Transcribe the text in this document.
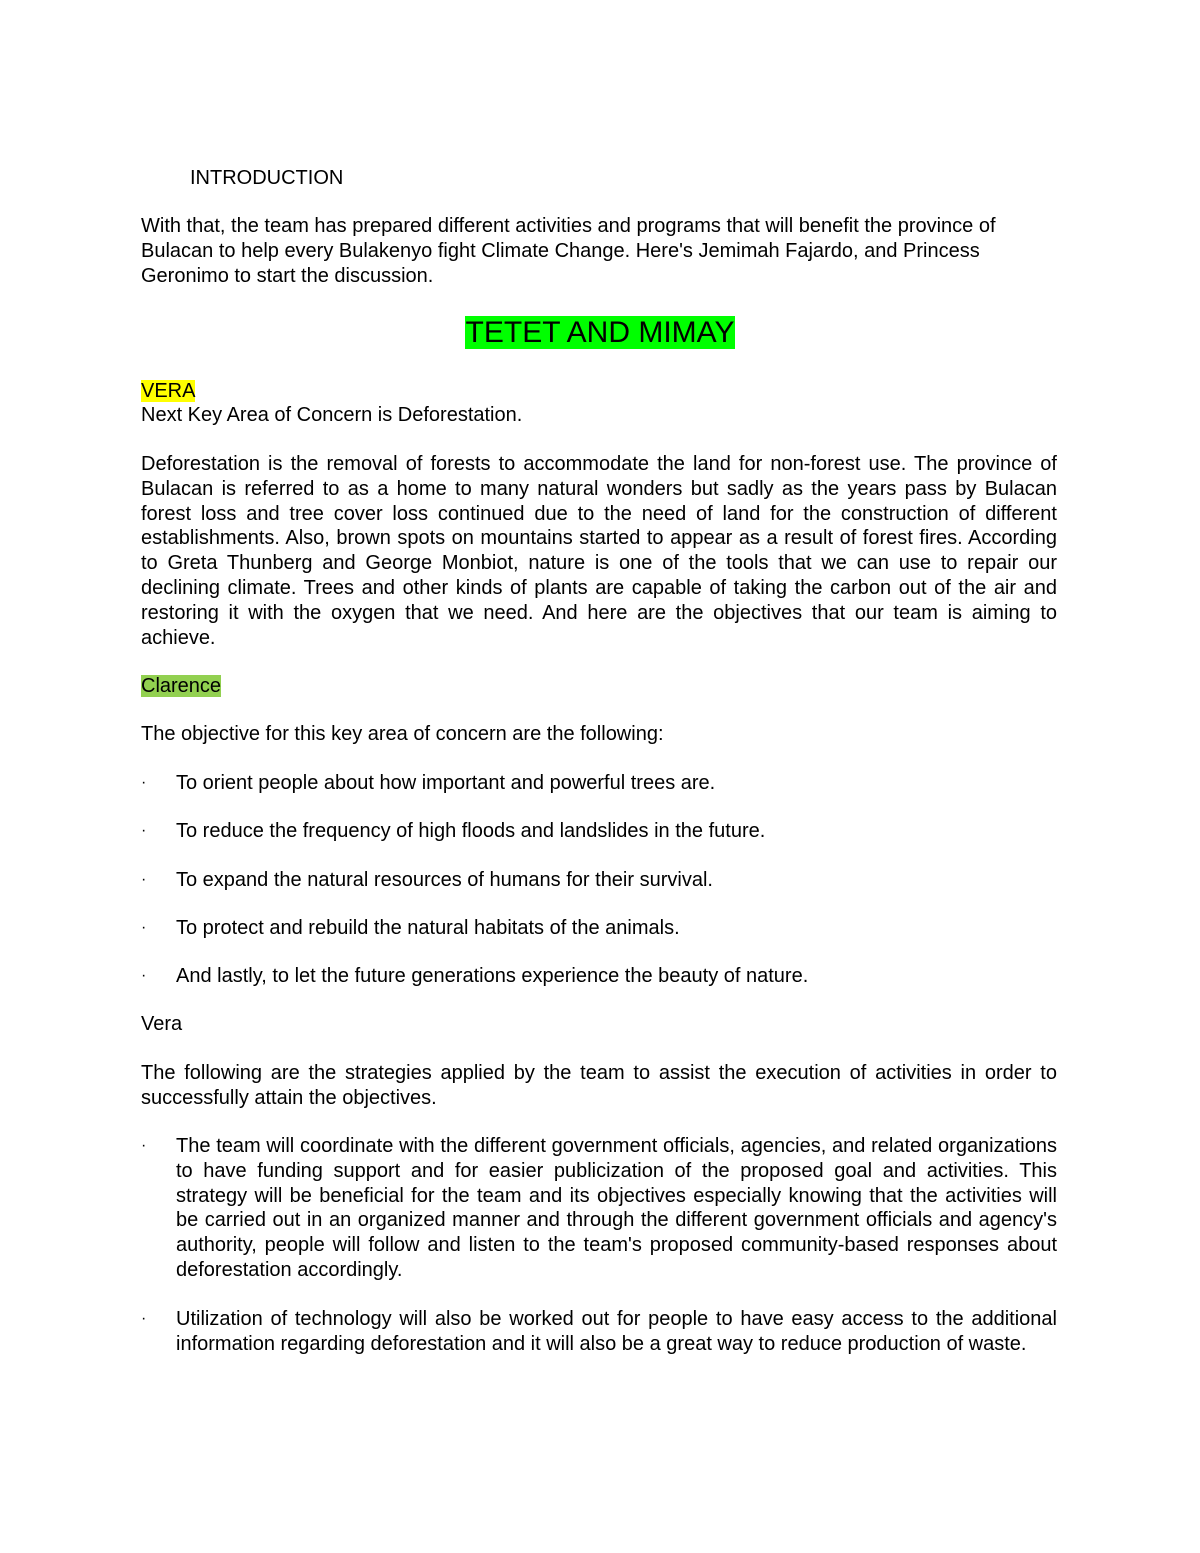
INTRODUCTION

With that, the team has prepared different activities and programs that will benefit the province of Bulacan to help every Bulakenyo fight Climate Change. Here's Jemimah Fajardo, and Princess Geronimo to start the discussion.

TETET AND MIMAY

VERA

Next Key Area of Concern is Deforestation.

Deforestation is the removal of forests to accommodate the land for non-forest use. The province of Bulacan is referred to as a home to many natural wonders but sadly as the years pass by Bulacan forest loss and tree cover loss continued due to the need of land for the construction of different establishments. Also, brown spots on mountains started to appear as a result of forest fires. According to Greta Thunberg and George Monbiot, nature is one of the tools that we can use to repair our declining climate. Trees and other kinds of plants are capable of taking the carbon out of the air and restoring it with the oxygen that we need. And here are the objectives that our team is aiming to achieve.

Clarence

The objective for this key area of concern are the following:

·	To orient people about how important and powerful trees are.

·	To reduce the frequency of high floods and landslides in the future.

·	To expand the natural resources of humans for their survival.

·	To protect and rebuild the natural habitats of the animals.

·	And lastly, to let the future generations experience the beauty of nature.

Vera

The following are the strategies applied by the team to assist the execution of activities in order to successfully attain the objectives.

·	The team will coordinate with the different government officials, agencies, and related organizations to have funding support and for easier publicization of the proposed goal and activities. This strategy will be beneficial for the team and its objectives especially knowing that the activities will be carried out in an organized manner and through the different government officials and agency's authority, people will follow and listen to the team's proposed community-based responses about deforestation accordingly.

·	Utilization of technology will also be worked out for people to have easy access to the additional information regarding deforestation and it will also be a great way to reduce production of waste.
